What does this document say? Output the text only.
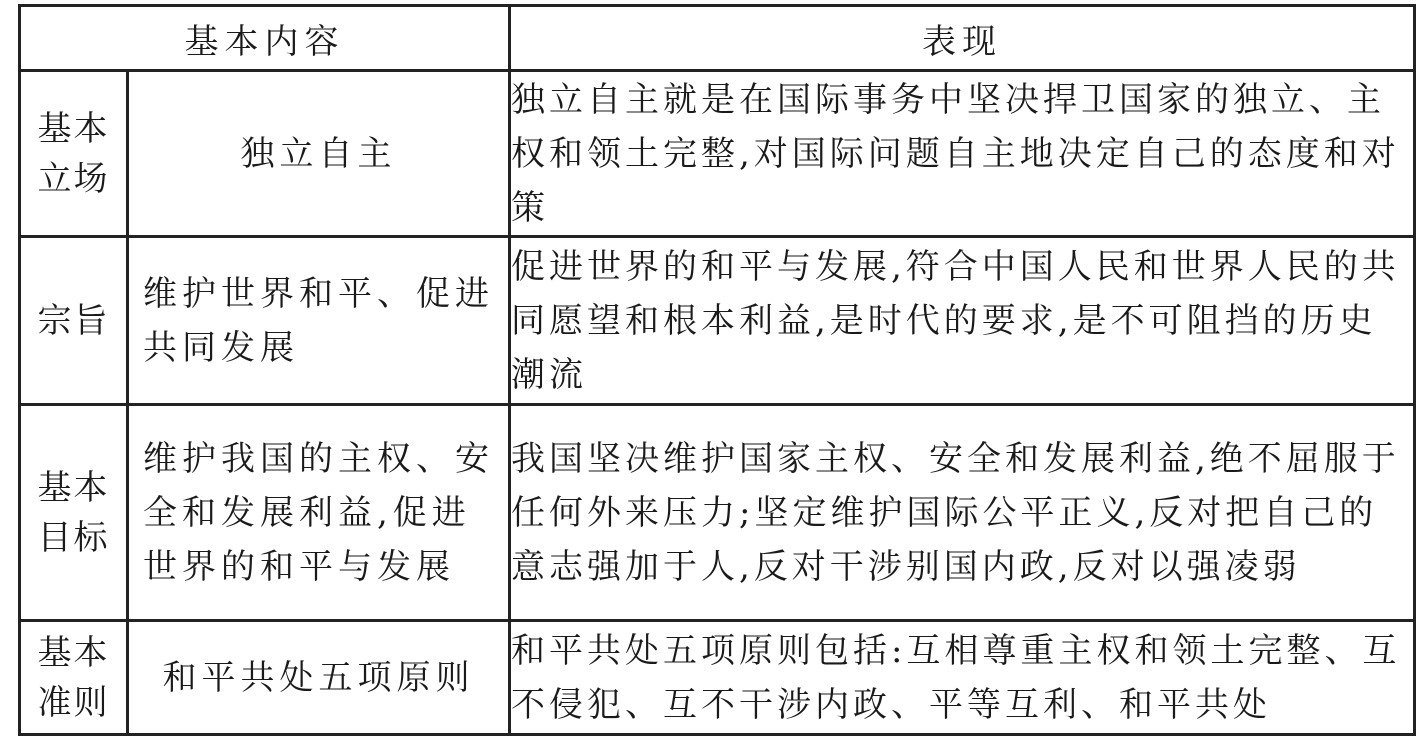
基本内容		表现
基本立场	独立自主	独立自主就是在国际事务中坚决捍卫国家的独立、主权和领土完整,对国际问题自主地决定自己的态度和对策
宗旨	维护世界和平、促进共同发展	促进世界的和平与发展,符合中国人民和世界人民的共同愿望和根本利益,是时代的要求,是不可阻挡的历史潮流
基本目标	维护我国的主权、安全和发展利益,促进世界的和平与发展	我国坚决维护国家主权、安全和发展利益,绝不屈服于任何外来压力;坚定维护国际公平正义,反对把自己的意志强加于人,反对干涉别国内政,反对以强凌弱
基本准则	和平共处五项原则	和平共处五项原则包括:互相尊重主权和领土完整、互不侵犯、互不干涉内政、平等互利、和平共处
